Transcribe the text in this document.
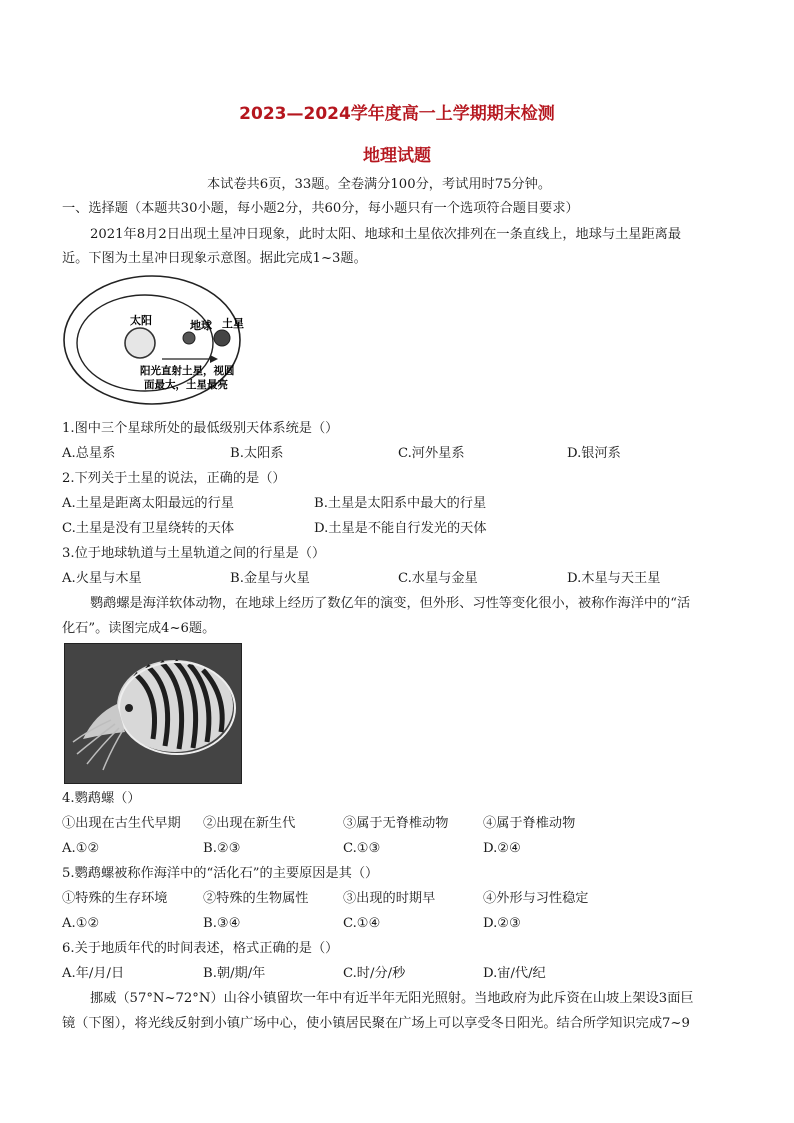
2023—2024学年度高一上学期期末检测
地理试题
本试卷共6页，33题。全卷满分100分，考试用时75分钟。
一、选择题（本题共30小题，每小题2分，共60分，每小题只有一个选项符合题目要求）
2021年8月2日出现土星冲日现象，此时太阳、地球和土星依次排列在一条直线上，地球与土星距离最
近。下图为土星冲日现象示意图。据此完成1~3题。
太阳	地球 土星
阳光直射土星，视圆
面最大，土星最亮
1.图中三个星球所处的最低级别天体系统是（）
A.总星系	B.太阳系	C.河外星系	D.银河系
2.下列关于土星的说法，正确的是（）
A.土星是距离太阳最远的行星	B.土星是太阳系中最大的行星
C.土星是没有卫星绕转的天体	D.土星是不能自行发光的天体
3.位于地球轨道与土星轨道之间的行星是（）
A.火星与木星	B.金星与火星	C.水星与金星	D.木星与天王星
鹦鹉螺是海洋软体动物，在地球上经历了数亿年的演变，但外形、习性等变化很小，被称作海洋中的“活
化石”。读图完成4~6题。
4.鹦鹉螺（）
①出现在古生代早期 ②出现在新生代	③属于无脊椎动物	④属于脊椎动物
A.①②	B.②③	C.①③	D.②④
5.鹦鹉螺被称作海洋中的“活化石”的主要原因是其（）
①特殊的生存环境	②特殊的生物属性	③出现的时期早	④外形与习性稳定
A.①②	B.③④	C.①④	D.②③
6.关于地质年代的时间表述，格式正确的是（）
A.年/月/日	B.朝/期/年	C.时/分/秒	D.宙/代/纪
挪威（57°N~72°N）山谷小镇留坎一年中有近半年无阳光照射。当地政府为此斥资在山坡上架设3面巨
镜（下图），将光线反射到小镇广场中心，使小镇居民聚在广场上可以享受冬日阳光。结合所学知识完成7~9
